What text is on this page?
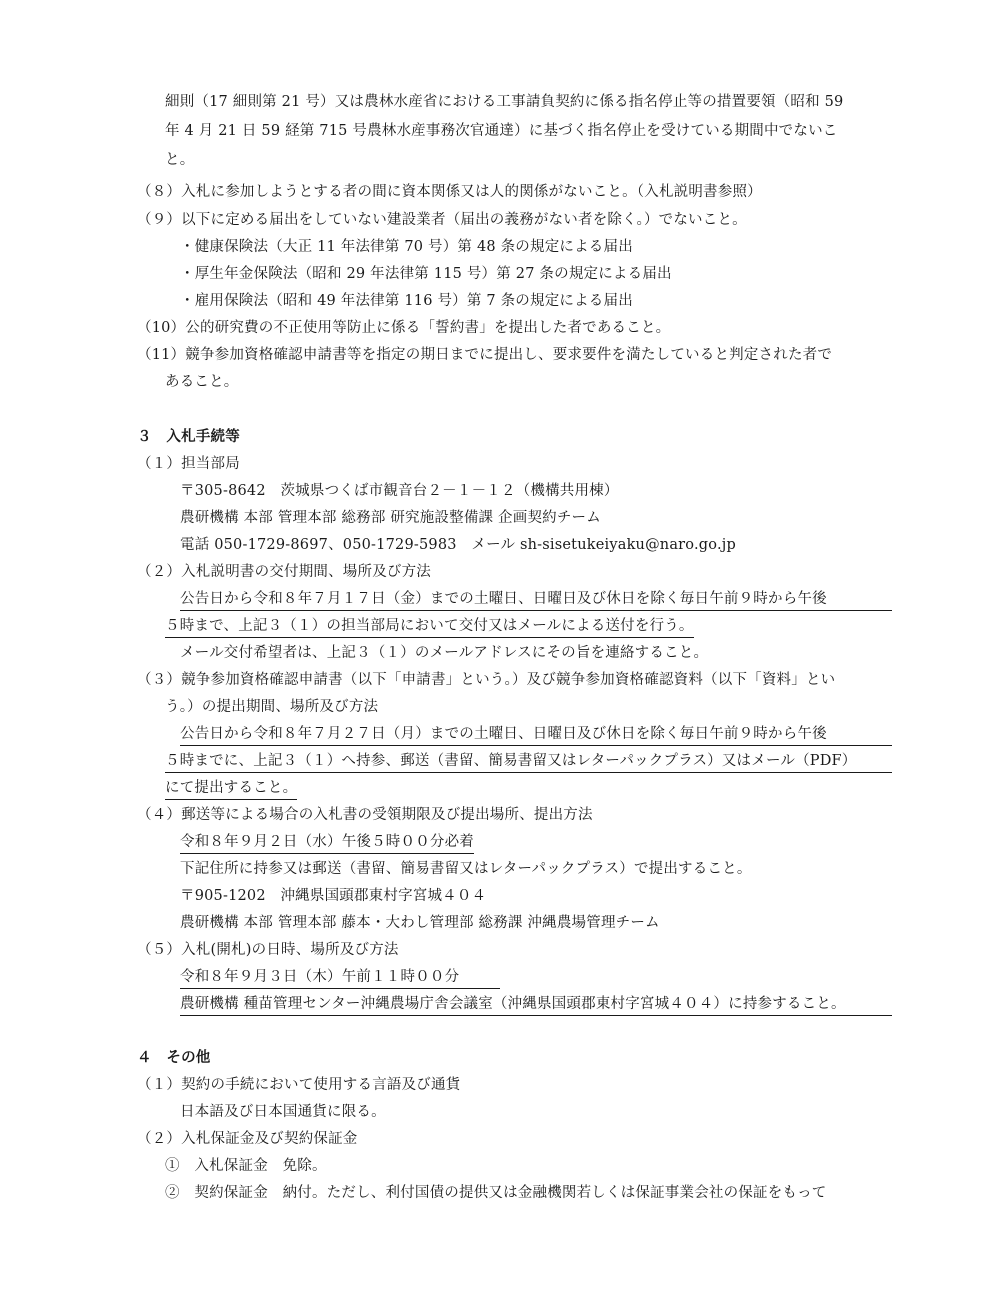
細則（17 細則第 21 号）又は農林水産省における工事請負契約に係る指名停止等の措置要領（昭和 59
年 4 月 21 日 59 経第 715 号農林水産事務次官通達）に基づく指名停止を受けている期間中でないこ
と。
（８）入札に参加しようとする者の間に資本関係又は人的関係がないこと。（入札説明書参照）
（９）以下に定める届出をしていない建設業者（届出の義務がない者を除く。）でないこと。
・健康保険法（大正 11 年法律第 70 号）第 48 条の規定による届出
・厚生年金保険法（昭和 29 年法律第 115 号）第 27 条の規定による届出
・雇用保険法（昭和 49 年法律第 116 号）第 7 条の規定による届出
（10）公的研究費の不正使用等防止に係る「誓約書」を提出した者であること。
（11）競争参加資格確認申請書等を指定の期日までに提出し、要求要件を満たしていると判定された者で
あること。
３　入札手続等
（１）担当部局
〒305-8642　茨城県つくば市観音台２－１－１２（機構共用棟）
農研機構 本部 管理本部 総務部 研究施設整備課 企画契約チーム
電話 050-1729-8697、050-1729-5983　メール sh-sisetukeiyaku@naro.go.jp
（２）入札説明書の交付期間、場所及び方法
公告日から令和８年７月１７日（金）までの土曜日、日曜日及び休日を除く毎日午前９時から午後
５時まで、上記３（１）の担当部局において交付又はメールによる送付を行う。
メール交付希望者は、上記３（１）のメールアドレスにその旨を連絡すること。
（３）競争参加資格確認申請書（以下「申請書」という。）及び競争参加資格確認資料（以下「資料」とい
う。）の提出期間、場所及び方法
公告日から令和８年７月２７日（月）までの土曜日、日曜日及び休日を除く毎日午前９時から午後
５時までに、上記３（１）へ持参、郵送（書留、簡易書留又はレターパックプラス）又はメール（PDF）
にて提出すること。
（４）郵送等による場合の入札書の受領期限及び提出場所、提出方法
令和８年９月２日（水）午後５時００分必着
下記住所に持参又は郵送（書留、簡易書留又はレターパックプラス）で提出すること。
〒905-1202　沖縄県国頭郡東村字宮城４０４
農研機構 本部 管理本部 藤本・大わし管理部 総務課 沖縄農場管理チーム
（５）入札(開札)の日時、場所及び方法
令和８年９月３日（木）午前１１時００分
農研機構 種苗管理センター沖縄農場庁舎会議室（沖縄県国頭郡東村字宮城４０４）に持参すること。
４　その他
（１）契約の手続において使用する言語及び通貨
日本語及び日本国通貨に限る。
（２）入札保証金及び契約保証金
①　入札保証金　免除。
②　契約保証金　納付。ただし、利付国債の提供又は金融機関若しくは保証事業会社の保証をもって
